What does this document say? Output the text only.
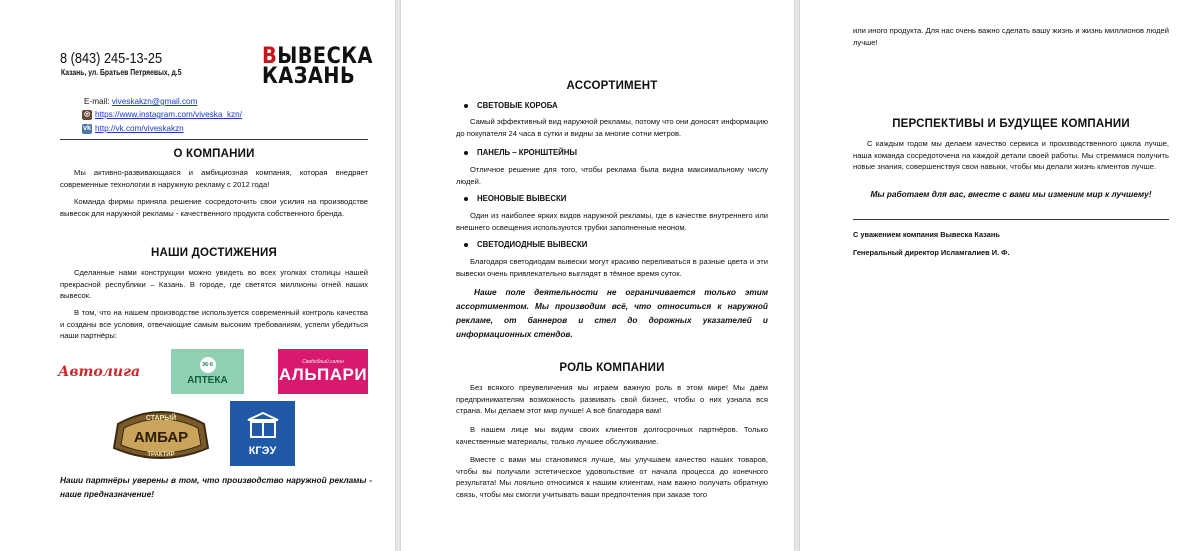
8 (843) 245-13-25
Казань, ул. Братьев Петряевых, д.5
ВЫВЕСКА
КАЗАНЬ
E-mail: viveskakzn@gmail.com
◎ https://www.instagram.com/viveska_kzn/
vk http://vk.com/viveskakzn
О КОМПАНИИ
Мы активно-развивающаяся и амбициозная компания, которая внедряет современные технологии в наружную рекламу с 2012 года!
Команда фирмы приняла решение сосредоточить свои усилия на производстве вывесок для наружной рекламы - качественного продукта собственного бренда.
НАШИ ДОСТИЖЕНИЯ
Сделанные нами конструкции можно увидеть во всех уголках столицы нашей прекрасной республики – Казань. В городе, где светятся миллионы огней наших вывесок.
В том, что на нашем производстве используется современный контроль качества и созданы все условия, отвечающие самым высоким требованиям, успели убедиться наши партнёры:
Автолига	36·6
АПТЕКА
Свадебный салон
АЛЬПАРИ
СТАРЫЙ
АМБАР
ТРАКТИР	КГЭУ
Наши партнёры уверены в том, что производство наружной рекламы - наше предназначение!
АССОРТИМЕНТ
СВЕТОВЫЕ КОРОБА
Самый эффективный вид наружной рекламы, потому что они доносят информацию до покупателя 24 часа в сутки и видны за многие сотни метров.
ПАНЕЛЬ – КРОНШТЕЙНЫ
Отличное решение для того, чтобы реклама была видна максимальному числу людей.
НЕОНОВЫЕ ВЫВЕСКИ
Один из наиболее ярких видов наружной рекламы, где в качестве внутреннего или внешнего освещения используются трубки заполненные неоном.
СВЕТОДИОДНЫЕ ВЫВЕСКИ
Благодаря светодиодам вывески могут красиво переливаться в разные цвета и эти вывески очень привлекательно выглядят в тёмное время суток.
Наше поле деятельности не ограничивается только этим ассортиментом. Мы производим всё, что относиться к наружной рекламе, от баннеров и стел до дорожных указателей и информационных стендов.
РОЛЬ КОМПАНИИ
Без всякого преувеличения мы играем важную роль в этом мире! Мы даём предпринимателям возможность развивать свой бизнес, чтобы о них узнала вся страна. Мы делаем этот мир лучше! А всё благодаря вам!
В нашем лице мы видим своих клиентов долгосрочных партнёров. Только качественные материалы, только лучшее обслуживание.
Вместе с вами мы становимся лучше, мы улучшаем качество наших товаров, чтобы вы получали эстетическое удовольствие от начала процесса до конечного результата! Мы лояльно относимся к нашим клиентам, нам важно получать обратную связь, чтобы мы смогли учитывать ваши предпочтения при заказе того
или иного продукта. Для нас очень важно сделать вашу жизнь и жизнь миллионов людей лучше!
ПЕРСПЕКТИВЫ И БУДУЩЕЕ КОМПАНИИ
С каждым годом мы делаем качество сервиса и производственного цикла лучше, наша команда сосредоточена на каждой детали своей работы. Мы стремимся получить новые знания, совершенствуя свои навыки, чтобы мы делали жизнь клиентов лучше.
Мы работаем для вас, вместе с вами мы изменим мир к лучшему!
С уважением компания Вывеска Казань
Генеральный директор Исламгалиев И. Ф.
